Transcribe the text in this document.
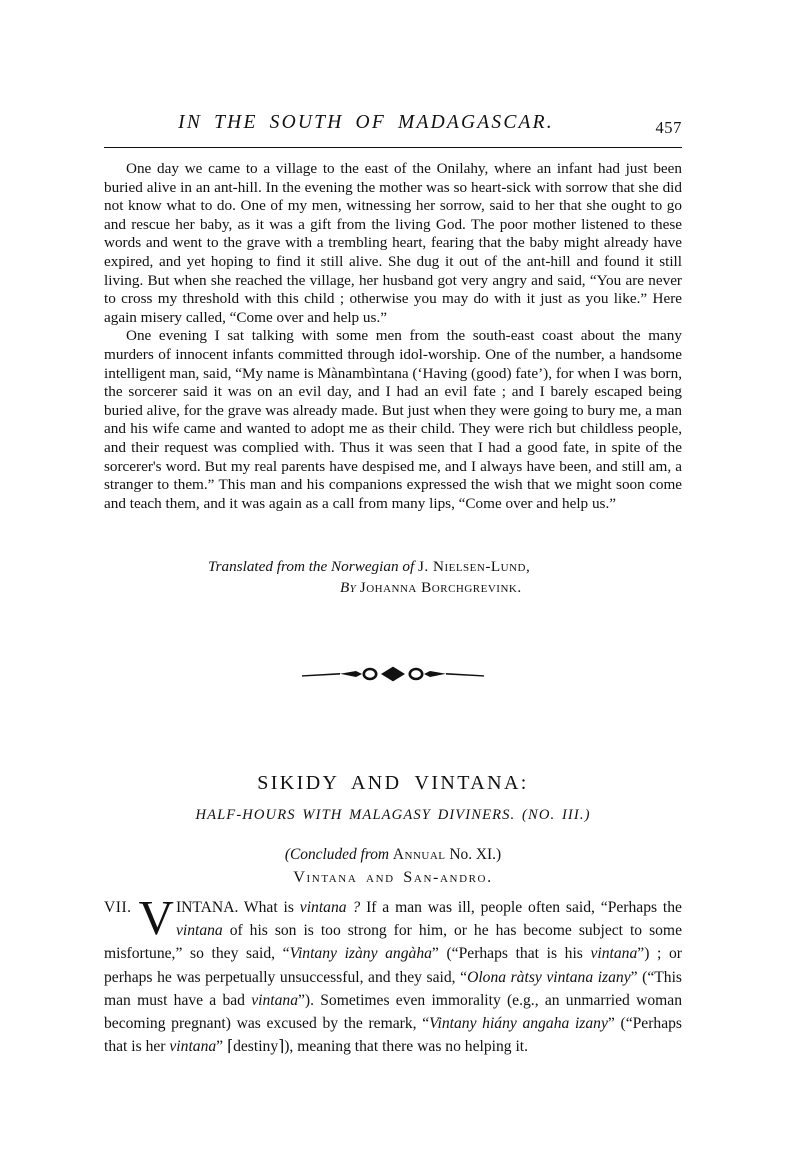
IN THE SOUTH OF MADAGASCAR.	457

One day we came to a village to the east of the Onilahy, where an infant had just been buried alive in an ant-hill. In the evening the mother was so heart-sick with sorrow that she did not know what to do. One of my men, witnessing her sorrow, said to her that she ought to go and rescue her baby, as it was a gift from the living God. The poor mother listened to these words and went to the grave with a trembling heart, fearing that the baby might already have expired, and yet hoping to find it still alive. She dug it out of the ant-hill and found it still living. But when she reached the village, her husband got very angry and said, “You are never to cross my threshold with this child ; otherwise you may do with it just as you like.” Here again misery called, “Come over and help us.”

One evening I sat talking with some men from the south-east coast about the many murders of innocent infants committed through idol-worship. One of the number, a handsome intelligent man, said, “My name is Mànambìntana (‘Having (good) fate’), for when I was born, the sorcerer said it was on an evil day, and I had an evil fate ; and I barely escaped being buried alive, for the grave was already made. But just when they were going to bury me, a man and his wife came and wanted to adopt me as their child. They were rich but childless people, and their request was complied with. Thus it was seen that I had a good fate, in spite of the sorcerer's word. But my real parents have despised me, and I always have been, and still am, a stranger to them.” This man and his companions expressed the wish that we might soon come and teach them, and it was again as a call from many lips, “Come over and help us.”

Translated from the Norwegian of J. Nielsen-Lund,
By Johanna Borchgrevink.
SIKIDY AND VINTANA:
HALF-HOURS WITH MALAGASY DIVINERS. (NO. III.)
(Concluded from Annual No. XI.)
Vintana and San-andro.
VII. V INTANA. What is vintana ? If a man was ill, people often said, “Perhaps the vintana of his son is too strong for him, or he has become subject to some misfortune,” so they said, “Vintany izàny angàha” (“Perhaps that is his vintana”) ; or perhaps he was perpetually unsuccessful, and they said, “Olona ràtsy vintana izany” (“This man must have a bad vintana”). Sometimes even immorality (e.g., an unmarried woman becoming pregnant) was excused by the remark, “Vintany hiány angaha izany” (“Perhaps that is her vintana” ⌈destiny⌉), meaning that there was no helping it.
